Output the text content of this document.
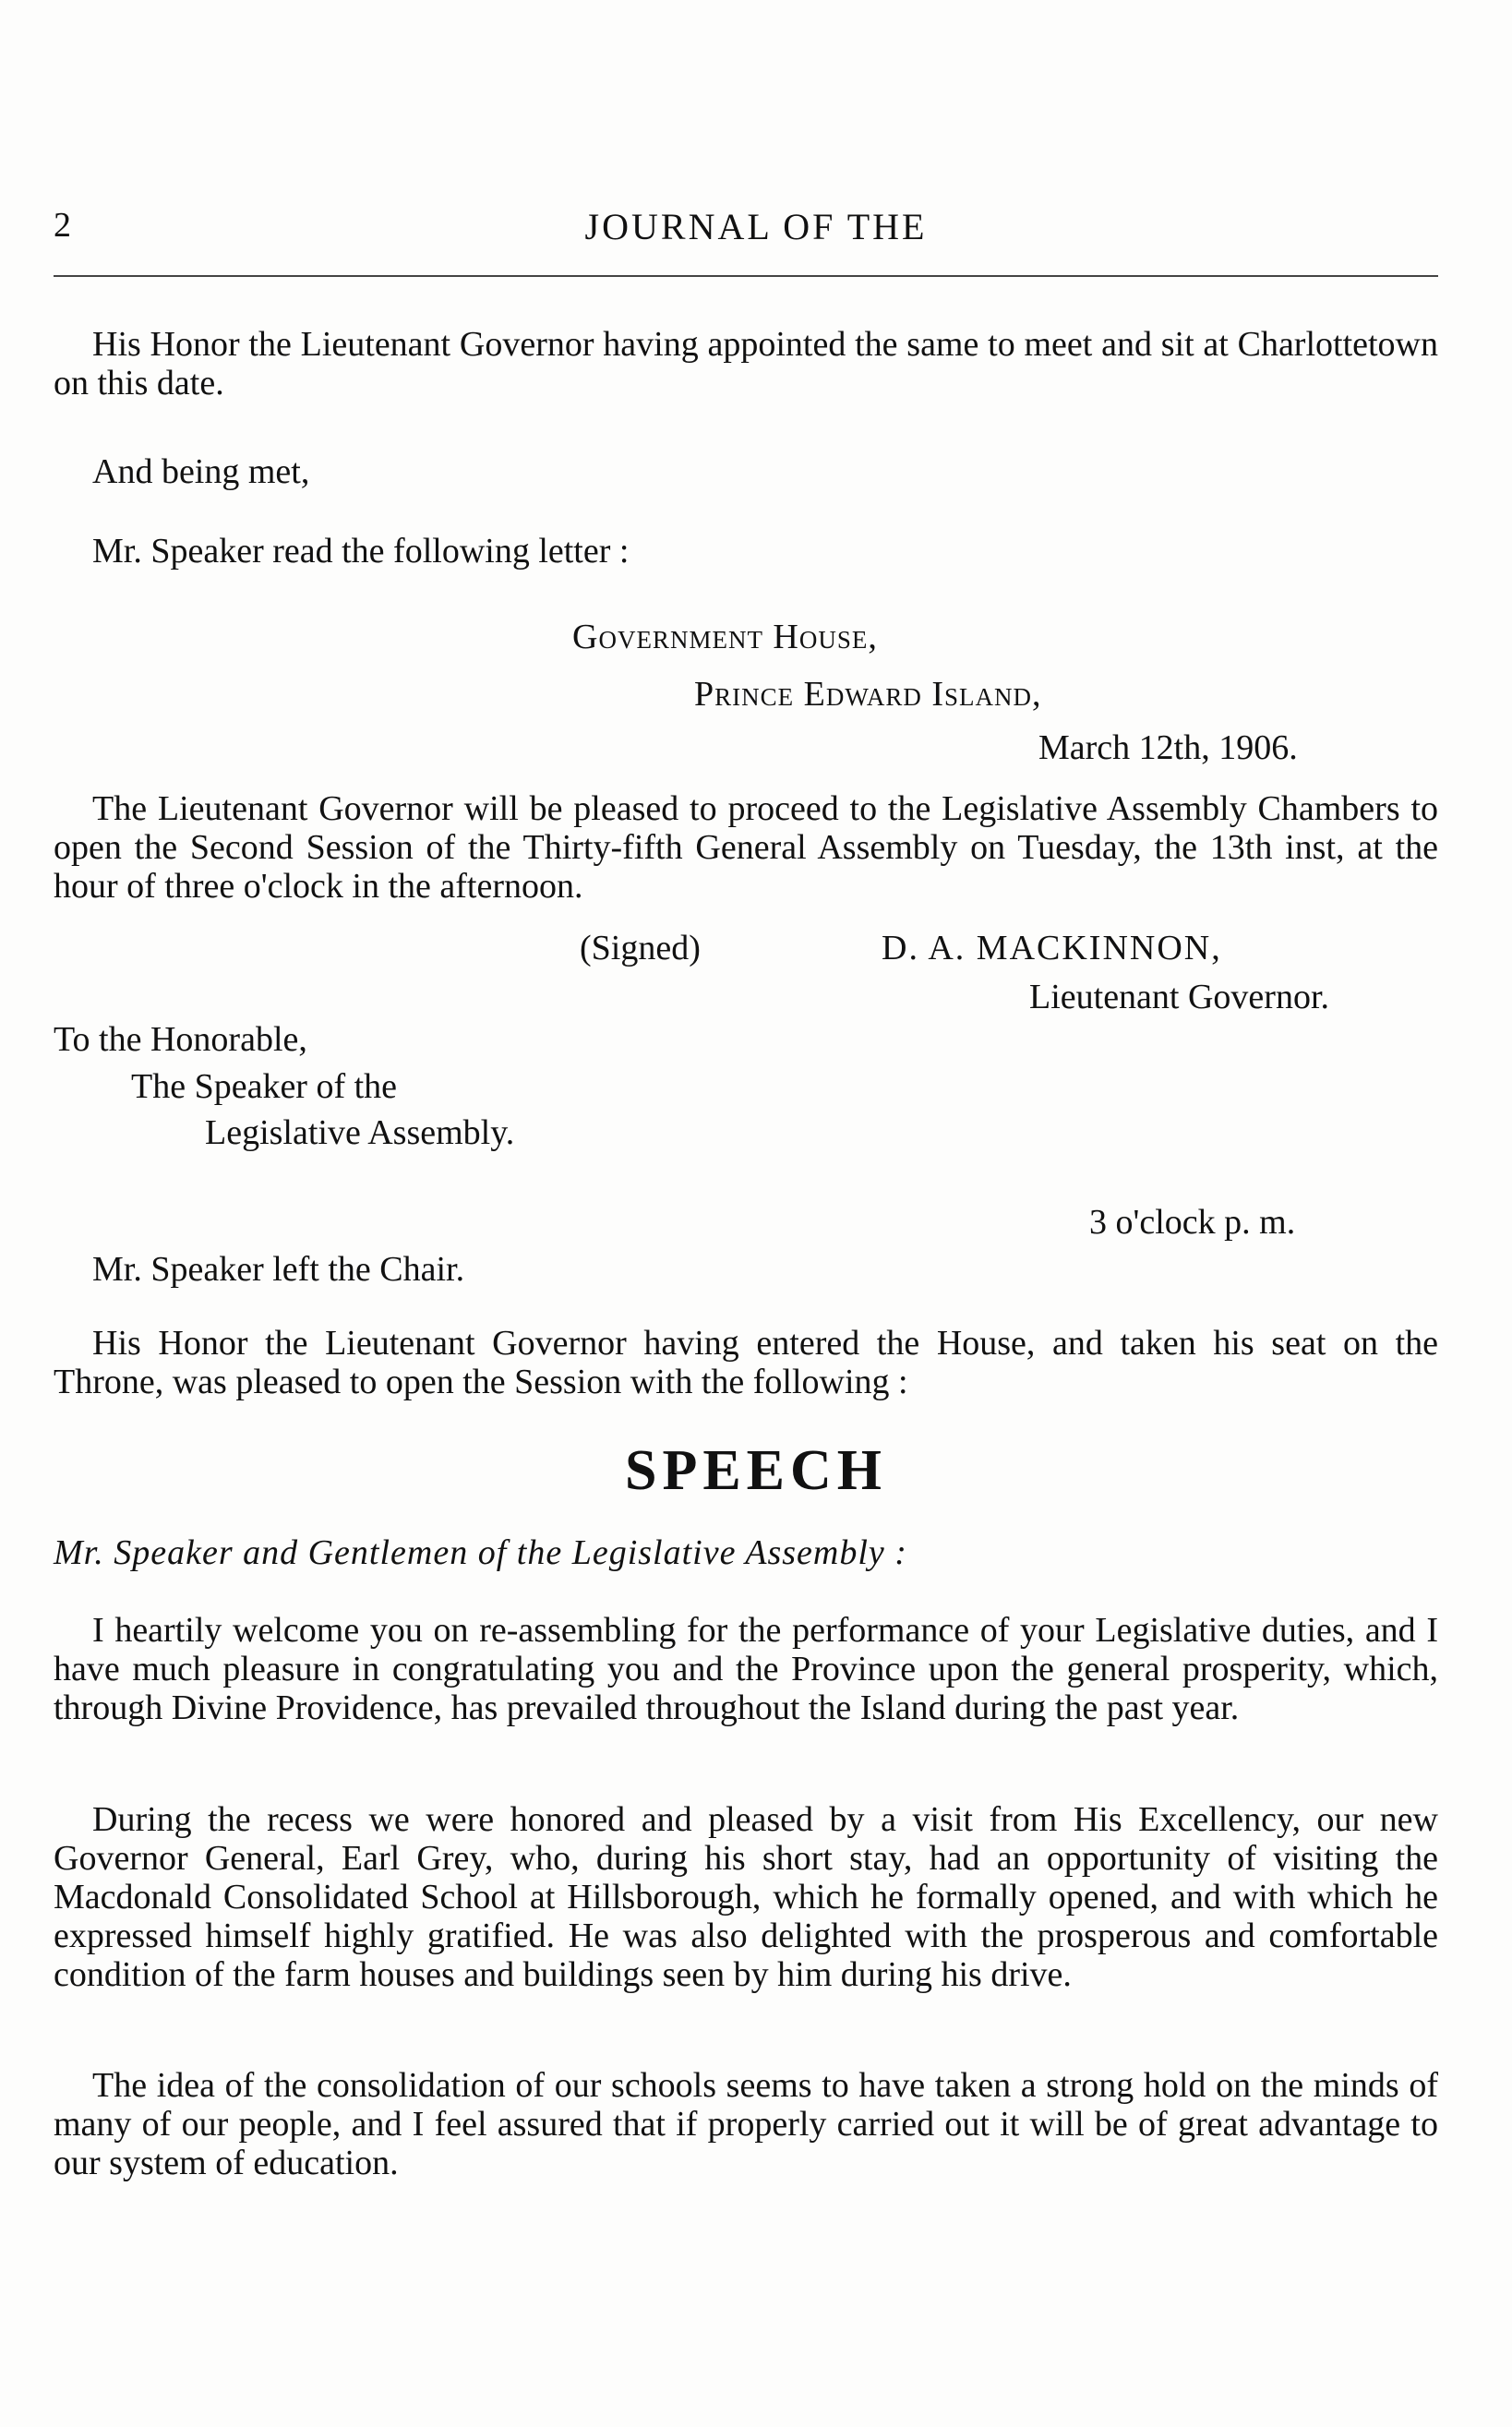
2	JOURNAL OF THE

His Honor the Lieutenant Governor having appointed the same to meet and sit at Charlottetown on this date.

And being met,

Mr. Speaker read the following letter :

Government House,
Prince Edward Island,
March 12th, 1906.

The Lieutenant Governor will be pleased to proceed to the Legislative Assembly Chambers to open the Second Session of the Thirty-fifth General Assembly on Tuesday, the 13th inst, at the hour of three o'clock in the afternoon.

(Signed)	D. A. MACKINNON,
Lieutenant Governor.
To the Honorable,
The Speaker of the
Legislative Assembly.
3 o'clock p. m.
Mr. Speaker left the Chair.

His Honor the Lieutenant Governor having entered the House, and taken his seat on the Throne, was pleased to open the Session with the following :

SPEECH
Mr. Speaker and Gentlemen of the Legislative Assembly :

I heartily welcome you on re-assembling for the performance of your Legislative duties, and I have much pleasure in congratulating you and the Province upon the general prosperity, which, through Divine Providence, has prevailed throughout the Island during the past year.

During the recess we were honored and pleased by a visit from His Excellency, our new Governor General, Earl Grey, who, during his short stay, had an opportunity of visiting the Macdonald Consolidated School at Hillsborough, which he formally opened, and with which he expressed himself highly gratified. He was also delighted with the prosperous and comfortable condition of the farm houses and buildings seen by him during his drive.

The idea of the consolidation of our schools seems to have taken a strong hold on the minds of many of our people, and I feel assured that if properly carried out it will be of great advantage to our system of education.
